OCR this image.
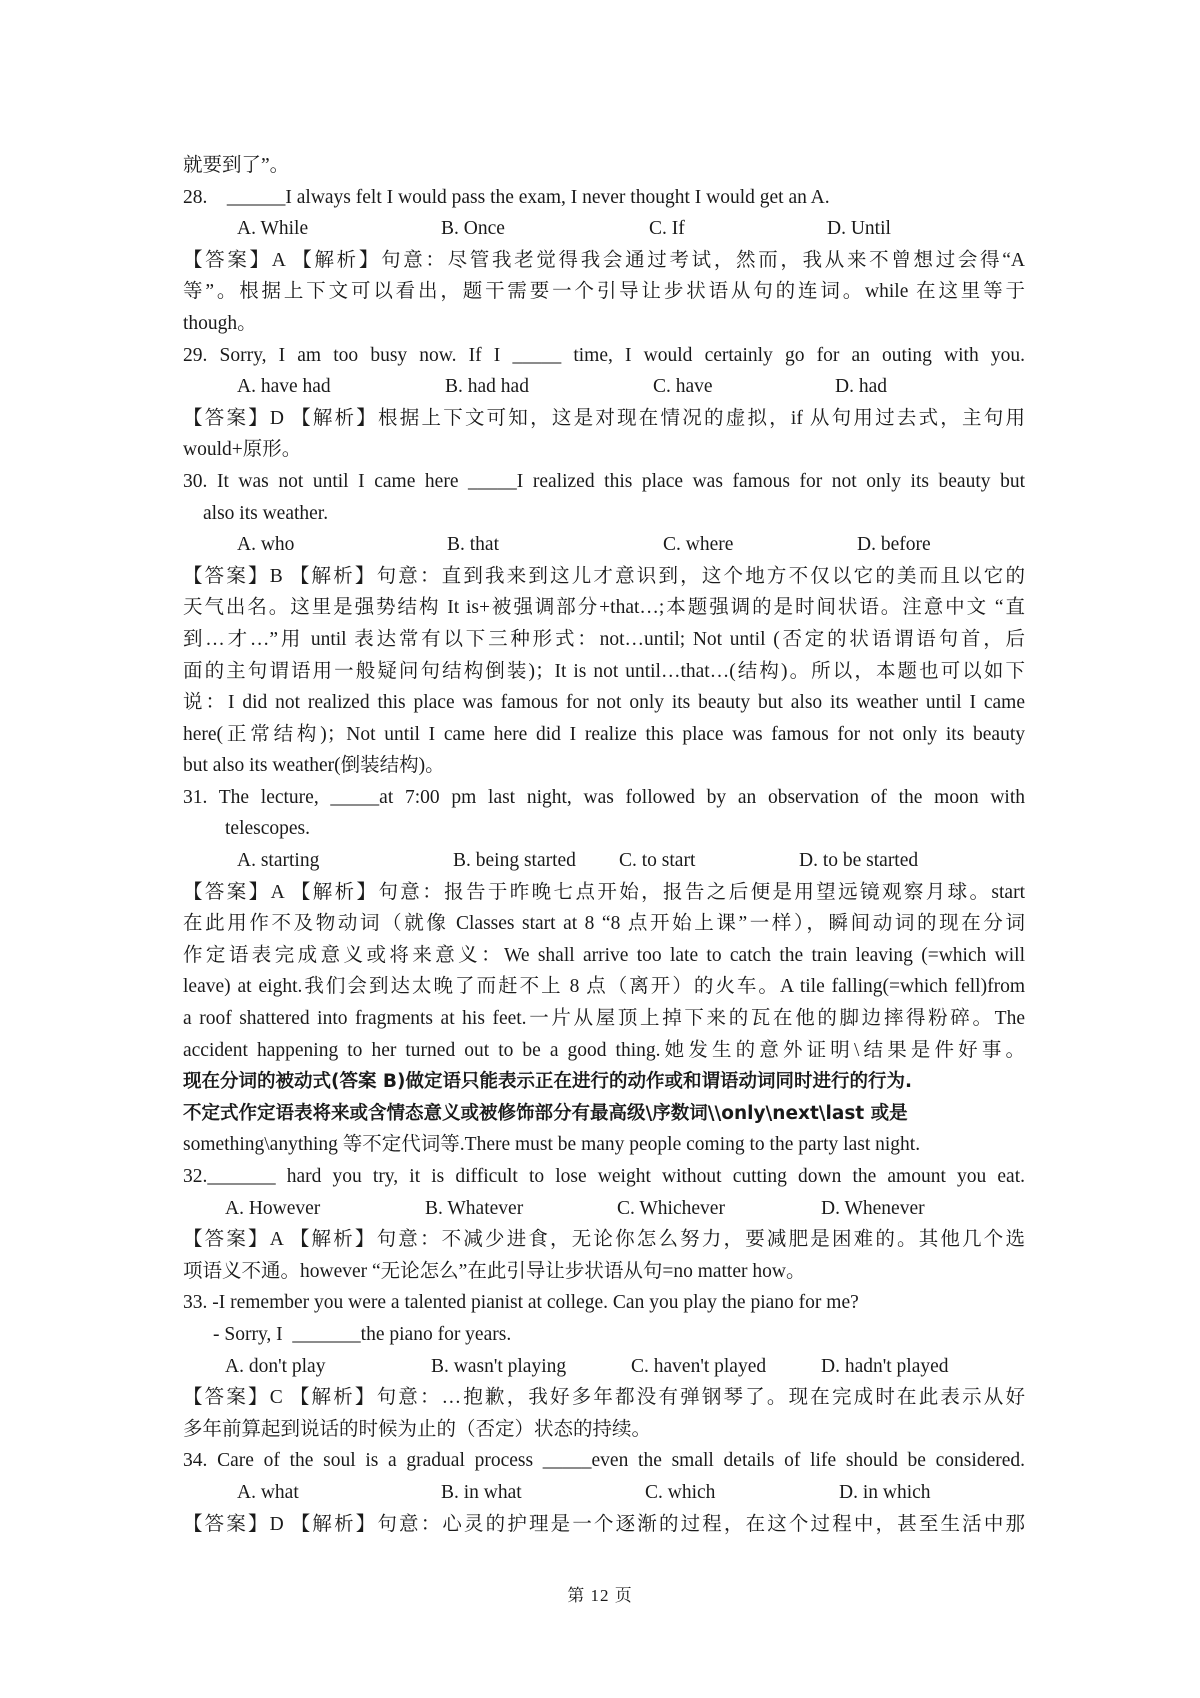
就要到了”。
28.    ______I always felt I would pass the exam, I never thought I would get an A.
A. While	B. Once	C. If	D. Until
【答案】A 【解析】句意：尽管我老觉得我会通过考试，然而，我从来不曾想过会得“A
等”。根据上下文可以看出，题干需要一个引导让步状语从句的连词。while 在这里等于
though。
29. Sorry, I am too busy now. If I _____ time, I would certainly go for an outing with you.
A. have had	B. had had	C. have	D. had
【答案】D 【解析】根据上下文可知，这是对现在情况的虚拟，if 从句用过去式，主句用
would+原形。
30. It was not until I came here _____I realized this place was famous for not only its beauty but
also its weather.
A. who	B. that	C. where	D. before
【答案】B 【解析】句意：直到我来到这儿才意识到，这个地方不仅以它的美而且以它的
天气出名。这里是强势结构 It is+被强调部分+that…;本题强调的是时间状语。注意中文 “直
到…才…”用 until 表达常有以下三种形式：not…until; Not until (否定的状语谓语句首，后
面的主句谓语用一般疑问句结构倒装)；It is not until…that…(结构)。所以，本题也可以如下
说：I did not realized this place was famous for not only its beauty but also its weather until I came
here(正常结构)；Not until I came here did I realize this place was famous for not only its beauty
but also its weather(倒装结构)。
31. The lecture, _____at 7:00 pm last night, was followed by an observation of the moon with
telescopes.
A. starting	B. being started	C. to start	D. to be started
【答案】A 【解析】句意：报告于昨晚七点开始，报告之后便是用望远镜观察月球。start
在此用作不及物动词（就像 Classes start at 8 “8 点开始上课”一样），瞬间动词的现在分词
作定语表完成意义或将来意义：We shall arrive too late to catch the train leaving (=which will
leave) at eight.我们会到达太晚了而赶不上 8 点（离开）的火车。A tile falling(=which fell)from
a roof shattered into fragments at his feet.一片从屋顶上掉下来的瓦在他的脚边摔得粉碎。The
accident happening to her turned out to be a good thing.她发生的意外证明\结果是件好事。
现在分词的被动式(答案 B)做定语只能表示正在进行的动作或和谓语动词同时进行的行为.
不定式作定语表将来或含情态意义或被修饰部分有最高级\序数词\\only\next\last 或是
something\anything 等不定代词等.There must be many people coming to the party last night.
32._______ hard you try, it is difficult to lose weight without cutting down the amount you eat.
A. However	B. Whatever	C. Whichever	D. Whenever
【答案】A 【解析】句意：不减少进食，无论你怎么努力，要减肥是困难的。其他几个选
项语义不通。however “无论怎么”在此引导让步状语从句=no matter how。
33. -I remember you were a talented pianist at college. Can you play the piano for me?
- Sorry, I  _______the piano for years.
A. don't play	B. wasn't playing	C. haven't played	D. hadn't played
【答案】C 【解析】句意：…抱歉，我好多年都没有弹钢琴了。现在完成时在此表示从好
多年前算起到说话的时候为止的（否定）状态的持续。
34. Care of the soul is a gradual process _____even the small details of life should be considered.
A. what	B. in what	C. which	D. in which
【答案】D 【解析】句意：心灵的护理是一个逐渐的过程，在这个过程中，甚至生活中那
第 12 页
